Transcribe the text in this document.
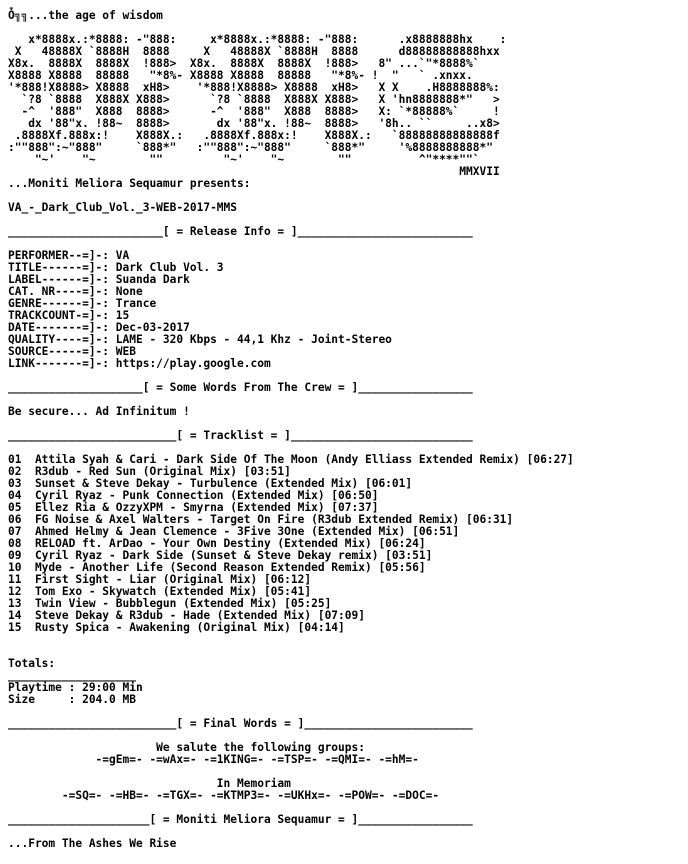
Ȱ╗╗...the age of wisdom

x*8888x.:*8888: -"888:     x*8888x.:*8888: -"888:      .x8888888hx    :
X   48888X `8888H  8888     X   48888X `8888H  8888      d88888888888hxx
X8x.  8888X  8888X  !888>  X8x.  8888X  8888X  !888>   8" ...`"*8888%`
X8888 X8888  88888   "*8%- X8888 X8888  88888   "*8%- !  "   ` .xnxx.
'*888!X8888> X8888  xH8>    '*888!X8888> X8888  xH8>   X X    .H8888888%:
`?8 `8888  X888X X888>      `?8 `8888  X888X X888>   X 'hn8888888*"   >
-^  '888"  X888  8888>      -^  '888"  X888  8888>   X: `*88888%`     !
dx '88"x. !88~  8888>       dx '88"x. !88~  8888>   '8h.. ``     ..x8>
.8888Xf.888x:!    X888X.:   .8888Xf.888x:!    X888X.:   `88888888888888f
:""888":~"888"     `888*"   :""888":~"888"     `888*"     '%8888888888*"
"~'    "~        ""         "~'    "~        ""          ^"****""`
MMXVII
...Moniti Meliora Sequamur presents:

VA_-_Dark_Club_Vol._3-WEB-2017-MMS

_______________________[ = Release Info = ]__________________________

PERFORMER--=]-: VA
TITLE------=]-: Dark Club Vol. 3
LABEL------=]-: Suanda Dark
CAT. NR----=]-: None
GENRE------=]-: Trance
TRACKCOUNT-=]-: 15
DATE-------=]-: Dec-03-2017
QUALITY----=]-: LAME - 320 Kbps - 44,1 Khz - Joint-Stereo
SOURCE-----=]-: WEB
LINK-------=]-: https://play.google.com

____________________[ = Some Words From The Crew = ]_________________

Be secure... Ad Infinitum !

_________________________[ = Tracklist = ]___________________________

01  Attila Syah & Cari - Dark Side Of The Moon (Andy Elliass Extended Remix) [06:27]
02  R3dub - Red Sun (Original Mix) [03:51]
03  Sunset & Steve Dekay - Turbulence (Extended Mix) [06:01]
04  Cyril Ryaz - Punk Connection (Extended Mix) [06:50]
05  Ellez Ria & OzzyXPM - Smyrna (Extended Mix) [07:37]
06  FG Noise & Axel Walters - Target On Fire (R3dub Extended Remix) [06:31]
07  Ahmed Helmy & Jean Clemence - 3Five 3One (Extended Mix) [06:51]
08  RELOAD ft. ArDao - Your Own Destiny (Extended Mix) [06:24]
09  Cyril Ryaz - Dark Side (Sunset & Steve Dekay remix) [03:51]
10  Myde - Another Life (Second Reason Extended Remix) [05:56]
11  First Sight - Liar (Original Mix) [06:12]
12  Tom Exo - Skywatch (Extended Mix) [05:41]
13  Twin View - Bubblegun (Extended Mix) [05:25]
14  Steve Dekay & R3dub - Hade (Extended Mix) [07:09]
15  Rusty Spica - Awakening (Original Mix) [04:14]

Totals:
___________________
Playtime : 29:00 Min
Size     : 204.0 MB

_________________________[ = Final Words = ]_________________________

We salute the following groups:
-=gEm=- -=wAx=- -=1KING=- -=TSP=- -=QMI=- -=hM=-

In Memoriam
-=SQ=- -=HB=- -=TGX=- -=KTMP3=- -=UKHx=- -=POW=- -=DOC=-

_____________________[ = Moniti Meliora Sequamur = ]_________________

...From The Ashes We Rise
